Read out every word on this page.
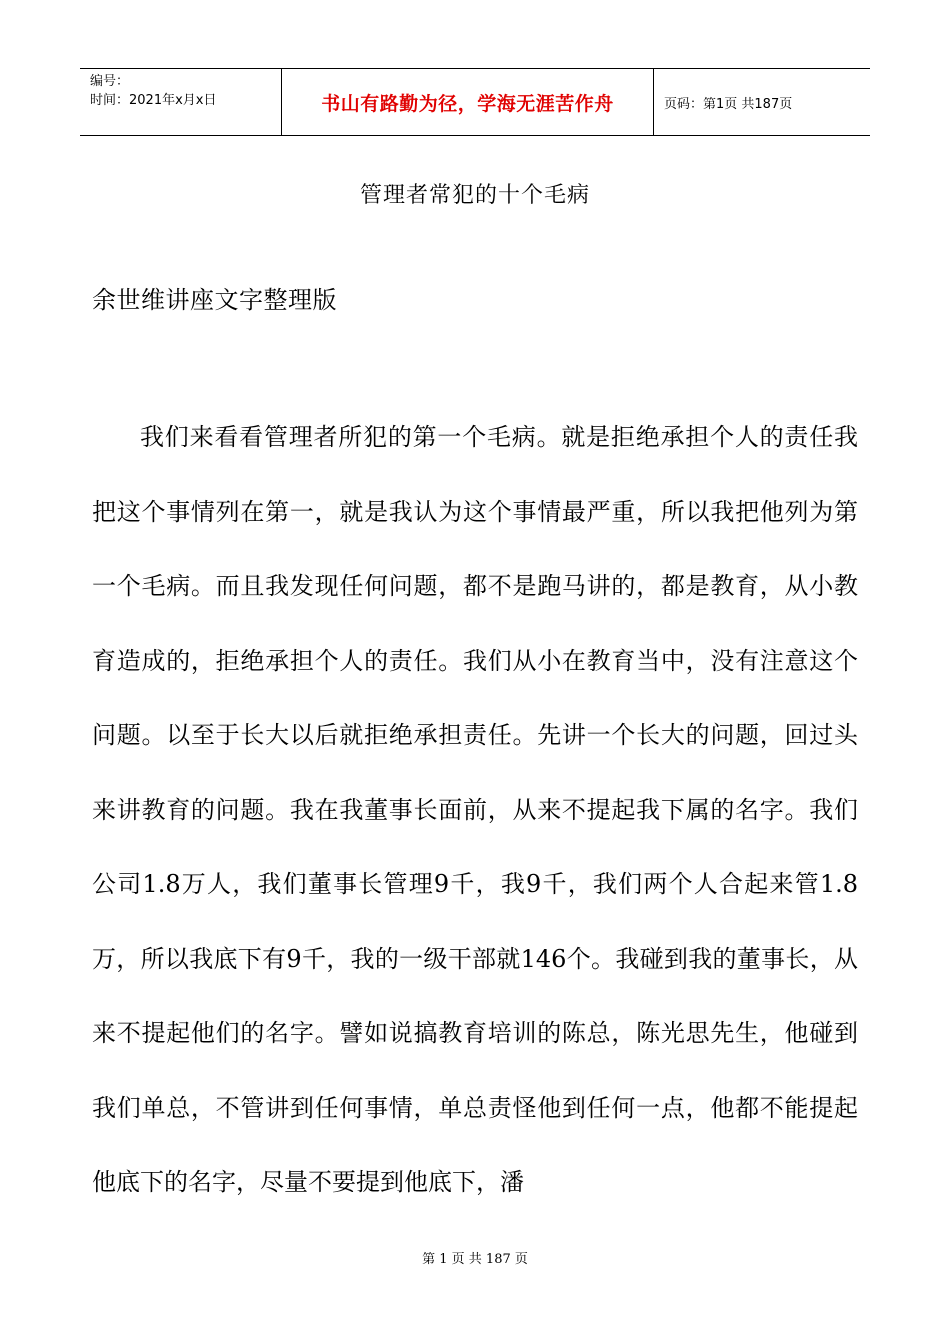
编号：
时间：2021年x月x日	书山有路勤为径，学海无涯苦作舟	页码：第1页 共187页
管理者常犯的十个毛病
余世维讲座文字整理版

我们来看看管理者所犯的第一个毛病。就是拒绝承担个人的责任我把这个事情列在第一，就是我认为这个事情最严重，所以我把他列为第一个毛病。而且我发现任何问题，都不是跑马讲的，都是教育，从小教育造成的，拒绝承担个人的责任。我们从小在教育当中，没有注意这个问题。以至于长大以后就拒绝承担责任。先讲一个长大的问题，回过头来讲教育的问题。我在我董事长面前，从来不提起我下属的名字。我们公司1.8万人，我们董事长管理9千，我9千，我们两个人合起来管1.8万，所以我底下有9千，我的一级干部就146个。我碰到我的董事长，从来不提起他们的名字。譬如说搞教育培训的陈总，陈光思先生，他碰到我们单总，不管讲到任何事情，单总责怪他到任何一点，他都不能提起他底下的名字，尽量不要提到他底下，潘

第 1 页 共 187 页
